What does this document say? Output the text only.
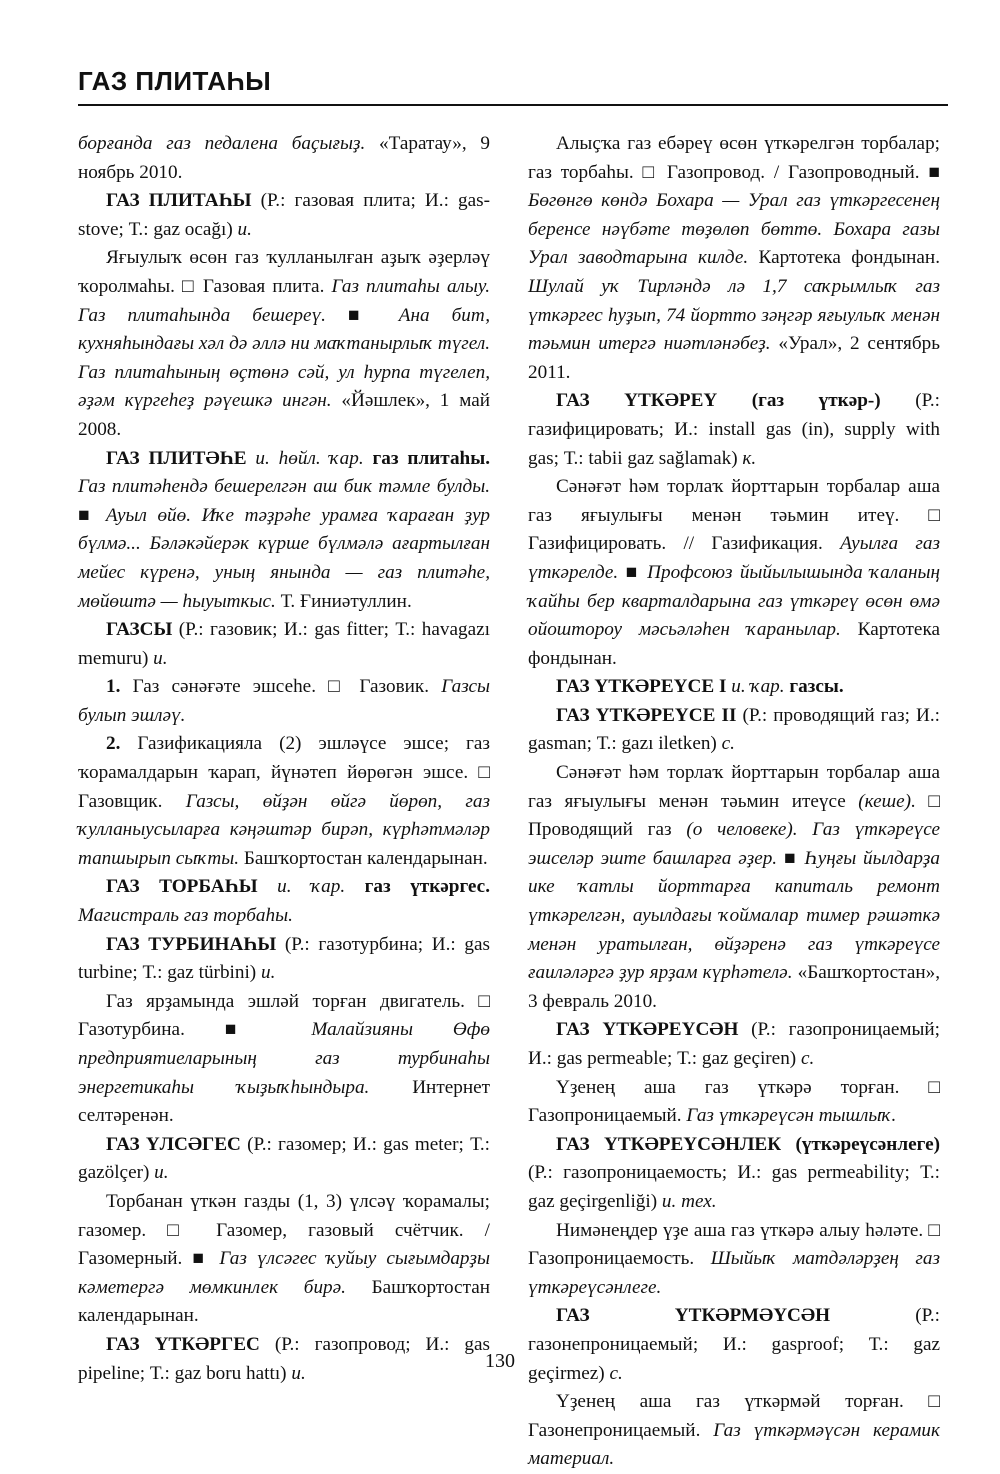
ГАЗ ПЛИТАҺЫ

борғанда газ педалена баҫығыҙ. «Таратау», 9 ноябрь 2010.

ГАЗ ПЛИТАҺЫ (Р.: газовая плита; И.: gas-stove; Т.: gaz ocağı) и.

Яғыулыҡ өсөн газ ҡулланылған аҙыҡ әҙерләү ҡоролмаһы. □ Газовая плита. Газ плитаһы алыу. Газ плитаһында бешереү. ■ Ана бит, кухняһындағы хәл дә әллә ни маҡтанырлыҡ түгел. Газ плитаһының өҫтөнә сәй, ул һурпа түгелеп, әҙәм күргеһеҙ рәүешкә ингән. «Йәшлек», 1 май 2008.

ГАЗ ПЛИТӘҺЕ и. һөйл. ҡар. газ плитаһы. Газ плитәһендә бешерелгән аш бик тәмле булды. ■ Ауыл өйө. Иҡе тәҙрәһе урамға ҡараған ҙур бүлмә... Бәләкәйерәк күрше бүлмәлә ағартылған мейес күренә, уның янында — газ плитәһе, мөйөштә — һыуыткыс. Т. Ғиниәтуллин.

ГАЗСЫ (Р.: газовик; И.: gas fitter; Т.: havagazı memuru) и.

1. Газ сәнәғәте эшсеһе. □ Газовик. Газсы булып эшләү.

2. Газификацияла (2) эшләүсе эшсе; газ ҡорамалдарын ҡарап, йүнәтеп йөрөгән эшсе. □ Газовщик. Газсы, өйҙән өйгә йөрөп, газ ҡулланыусыларға кәңәштәр бирәп, күрһәтмәләр тапшырып сыҡты. Башҡортостан календарынан.

ГАЗ ТОРБАҺЫ и. ҡар. газ үткәргес. Магистраль газ торбаһы.

ГАЗ ТУРБИНАҺЫ (Р.: газотурбина; И.: gas turbine; Т.: gaz türbini) и.

Газ ярҙамында эшләй торған двигатель. □ Газотурбина. ■ Малайзияны Өфө предприятиеларының газ турбинаһы энергетикаһы ҡыҙыҡһындыра. Интернет селтәренән.

ГАЗ ҮЛСӘГЕС (Р.: газомер; И.: gas meter; Т.: gazölçer) и.

Торбанан үткән газды (1, 3) үлсәү ҡорамалы; газомер. □ Газомер, газовый счётчик. / Газомерный. ■ Газ үлсәгес ҡуйыу сығымдарҙы кәметергә мөмкинлек бирә. Башҡортостан календарынан.

ГАЗ ҮТКӘРГЕС (Р.: газопровод; И.: gas pipeline; Т.: gaz boru hattı) и.

Алыҫҡа газ ебәреү өсөн үткәрелгән торбалар; газ торбаһы. □ Газопровод. / Газопроводный. ■ Бөгөнгө көндә Бохара — Урал газ үткәргесенең беренсе нәүбәте төҙөлөп бөттө. Бохара газы Урал заводтарына килде. Картотека фондынан. Шулай уҡ Тирләндә лә 1,7 саҡрымлыҡ газ үткәргес һуҙып, 74 йортто зәңгәр яғыулыҡ менән тәьмин итергә ниәтләнәбеҙ. «Урал», 2 сентябрь 2011.

ГАЗ ҮТКӘРЕҮ (газ үткәр-) (Р.: газифицировать; И.: install gas (in), supply with gas; Т.: tabii gaz sağlamak) к.

Сәнәғәт һәм торлаҡ йорттарын торбалар аша газ яғыулығы менән тәьмин итеү. □ Газифицировать. // Газификация. Ауылға газ үткәрелде. ■ Профсоюз йыйылышында ҡаланың ҡайһы бер кварталдарына газ үткәреү өсөн өмә ойоштороу мәсьәләһен ҡаранылар. Картотека фондынан.

ГАЗ ҮТКӘРЕҮСЕ I и. ҡар. газсы.

ГАЗ ҮТКӘРЕҮСЕ II (Р.: проводящий газ; И.: gasman; Т.: gazı iletken) с.

Сәнәғәт һәм торлаҡ йорттарын торбалар аша газ яғыулығы менән тәьмин итеүсе (кеше). □ Проводящий газ (о человеке). Газ үткәреүсе эшселәр эште башларға әҙер. ■ Һуңғы йылдарҙа ике ҡатлы йорттарға капиталь ремонт үткәрелгән, ауылдағы ҡоймалар тимер рәшәткә менән уратылған, өйҙәренә газ үткәреүсе ғаиләләргә ҙур ярҙам күрһәтелә. «Башҡортостан», 3 февраль 2010.

ГАЗ ҮТКӘРЕҮСӘН (Р.: газопроницаемый; И.: gas permeable; Т.: gaz geçiren) с.

Үҙенең аша газ үткәрә торған. □ Газопроницаемый. Газ үткәреүсән тышлыҡ.

ГАЗ ҮТКӘРЕҮСӘНЛЕК (үткәреүсәнлеге) (Р.: газопроницаемость; И.: gas permeability; Т.: gaz geçirgenliği) и. тех.

Нимәнеңдер үҙе аша газ үткәрә алыу һәләте. □ Газопроницаемость. Шыйыҡ матдәләрҙең газ үткәреүсәнлеге.

ГАЗ ҮТКӘРМӘҮСӘН (Р.: газонепроницаемый; И.: gasproof; Т.: gaz geçirmez) с.

Үҙенең аша газ үткәрмәй торған. □ Газонепроницаемый. Газ үткәрмәүсән керамик материал.

130
